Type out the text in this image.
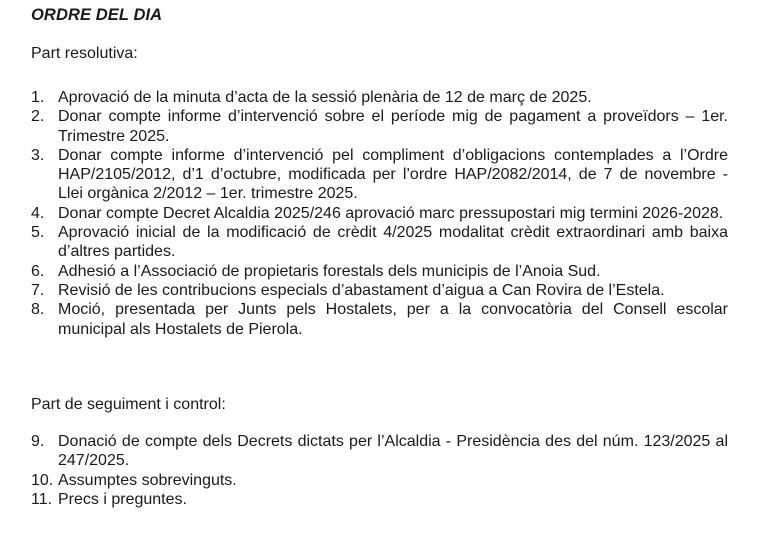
ORDRE DEL DIA
Part resolutiva:
1. Aprovació de la minuta d’acta de la sessió plenària de 12 de març de 2025.
2. Donar compte informe d’intervenció sobre el període mig de pagament a proveïdors – 1er. Trimestre 2025.
3. Donar compte informe d’intervenció pel compliment d’obligacions contemplades a l’Ordre HAP/2105/2012, d’1 d’octubre, modificada per l’ordre HAP/2082/2014, de 7 de novembre - Llei orgànica 2/2012 – 1er. trimestre 2025.
4. Donar compte Decret Alcaldia 2025/246 aprovació marc pressupostari mig termini 2026-2028.
5. Aprovació inicial de la modificació de crèdit 4/2025 modalitat crèdit extraordinari amb baixa d’altres partides.
6. Adhesió a l’Associació de propietaris forestals dels municipis de l’Anoia Sud.
7. Revisió de les contribucions especials d’abastament d’aigua a Can Rovira de l’Estela.
8. Moció, presentada per Junts pels Hostalets, per a la convocatòria del Consell escolar municipal als Hostalets de Pierola.
Part de seguiment i control:
9. Donació de compte dels Decrets dictats per l’Alcaldia - Presidència des del núm. 123/2025 al 247/2025.
10. Assumptes sobrevinguts.
11. Precs i preguntes.
